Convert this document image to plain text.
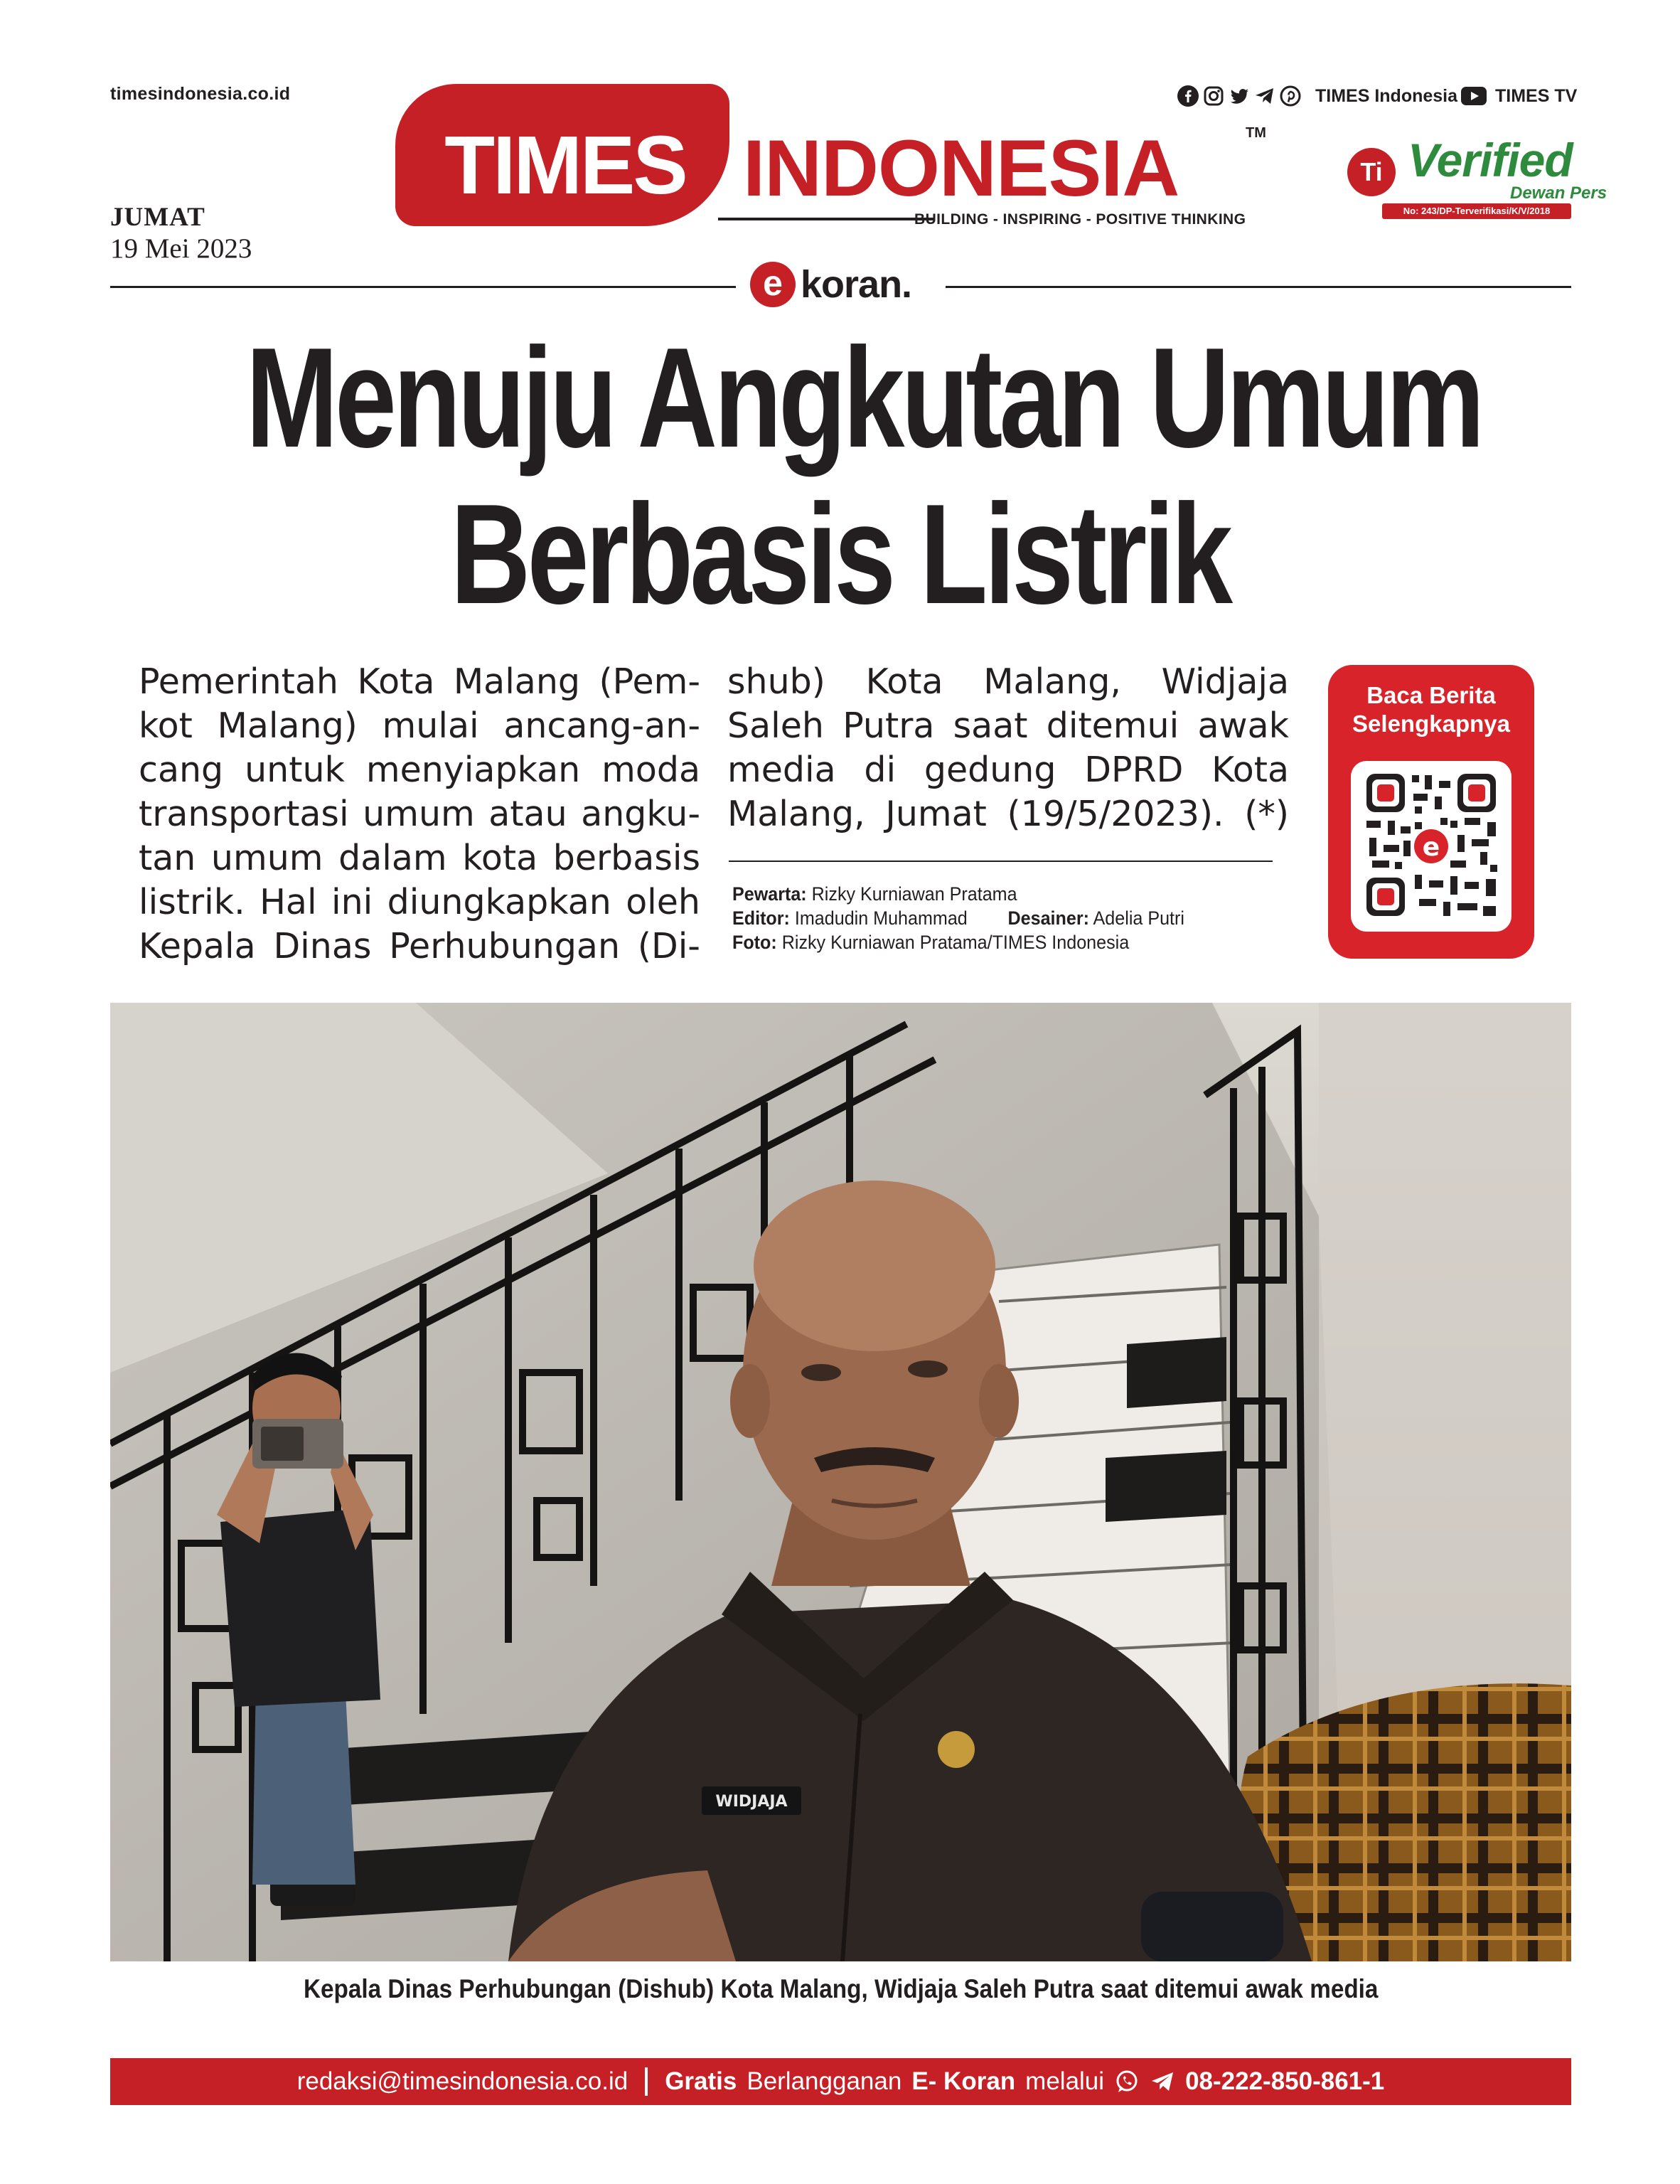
timesindonesia.co.id
JUMAT
19 Mei 2023
TIMES INDONESIA	TM
BUILDING - INSPIRING - POSITIVE THINKING
TIMES Indonesia TIMES TV
Ti Verified
Dewan Pers
No: 243/DP-Terverifikasi/K/V/2018
e koran.
Menuju Angkutan Umum
Berbasis Listrik
Pemerintah Kota Malang (Pem-
kot Malang) mulai ancang-an-
cang untuk menyiapkan moda
transportasi umum atau angku-
tan umum dalam kota berbasis
listrik. Hal ini diungkapkan oleh
Kepala Dinas Perhubungan (Di-
shub) Kota Malang, Widjaja
Saleh Putra saat ditemui awak
media di gedung DPRD Kota
Malang, Jumat (19/5/2023). (*)
Pewarta: Rizky Kurniawan Pratama
Editor: Imadudin Muhammad Desainer: Adelia Putri
Foto: Rizky Kurniawan Pratama/TIMES Indonesia
Baca Berita
Selengkapnya
e
WIDJAJA
Kepala Dinas Perhubungan (Dishub) Kota Malang, Widjaja Saleh Putra saat ditemui awak media
redaksi@timesindonesia.co.id Gratis Berlangganan E- Koran melalui	08-222-850-861-1
